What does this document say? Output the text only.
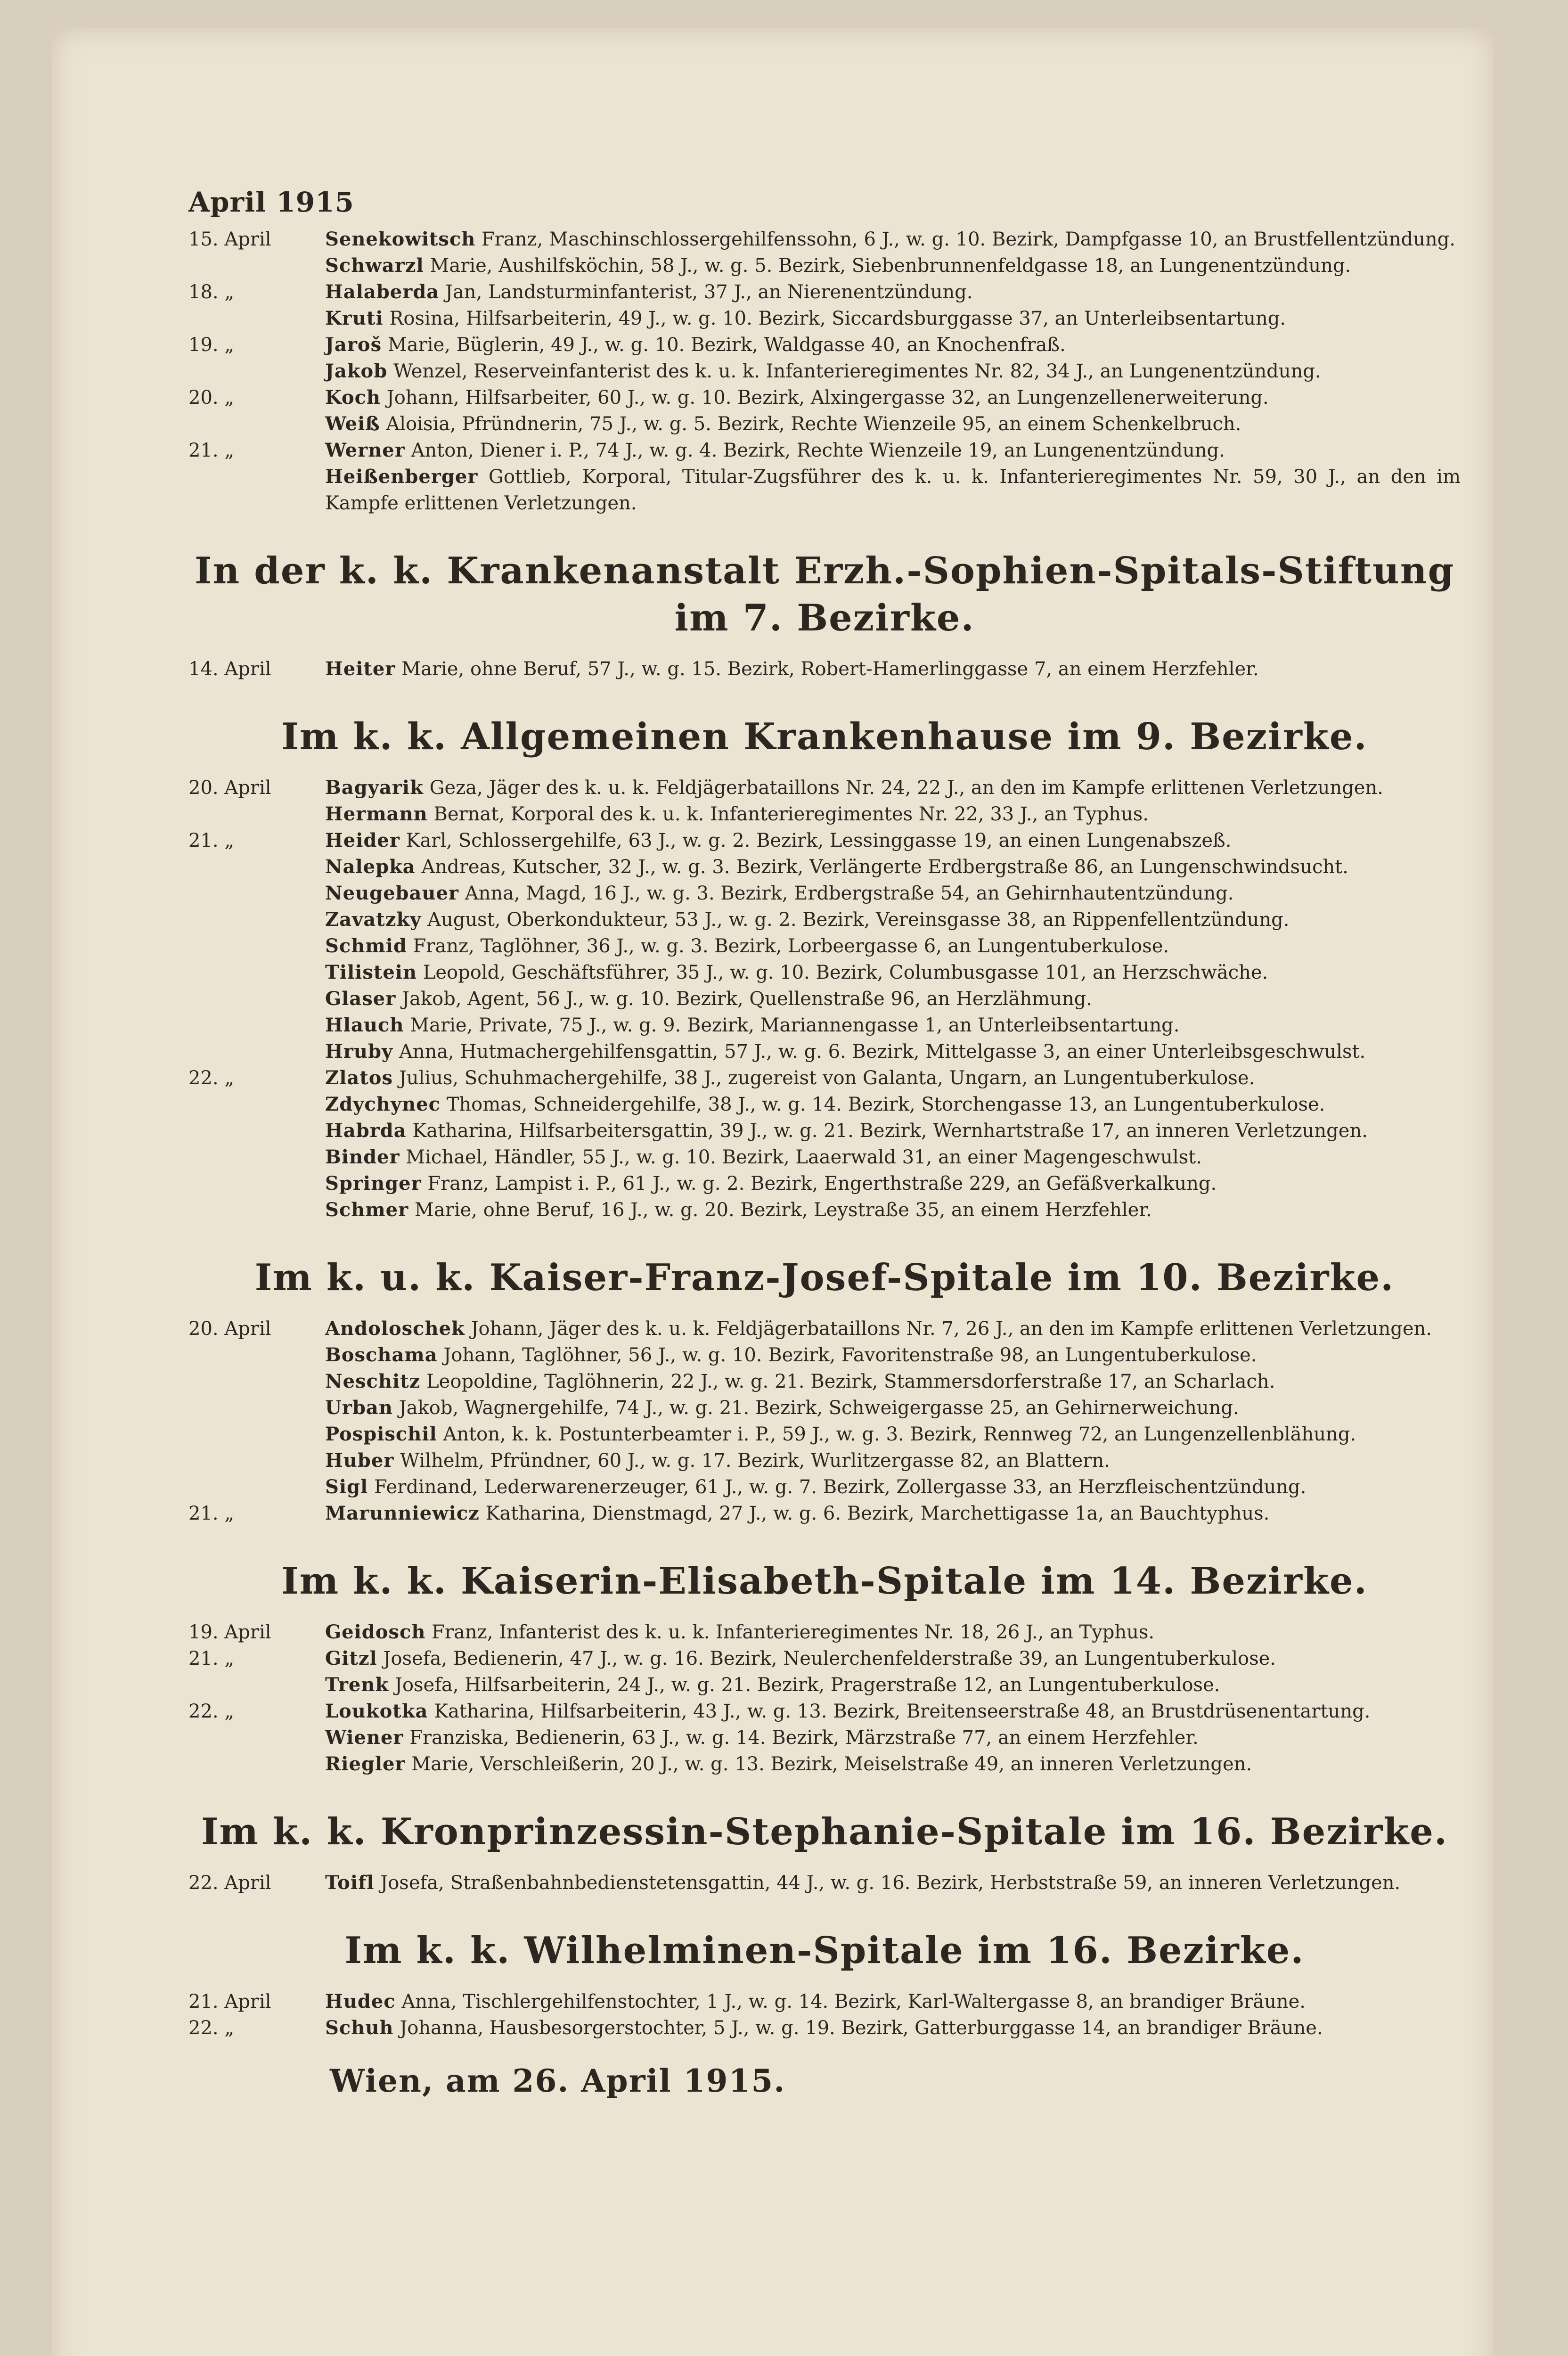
April 1915
15. April	Senekowitsch Franz, Maschinschlossergehilfenssohn, 6 J., w. g. 10. Bezirk, Dampfgasse 10, an Brustfellentzündung.
Schwarzl Marie, Aushilfsköchin, 58 J., w. g. 5. Bezirk, Siebenbrunnenfeldgasse 18, an Lungenentzündung.
18. „	Halaberda Jan, Landsturminfanterist, 37 J., an Nierenentzündung.
Kruti Rosina, Hilfsarbeiterin, 49 J., w. g. 10. Bezirk, Siccardsburggasse 37, an Unterleibsentartung.
19. „	Jaroš Marie, Büglerin, 49 J., w. g. 10. Bezirk, Waldgasse 40, an Knochenfraß.
Jakob Wenzel, Reserveinfanterist des k. u. k. Infanterieregimentes Nr. 82, 34 J., an Lungenentzündung.
20. „	Koch Johann, Hilfsarbeiter, 60 J., w. g. 10. Bezirk, Alxingergasse 32, an Lungenzellenerweiterung.
Weiß Aloisia, Pfründnerin, 75 J., w. g. 5. Bezirk, Rechte Wienzeile 95, an einem Schenkelbruch.
21. „	Werner Anton, Diener i. P., 74 J., w. g. 4. Bezirk, Rechte Wienzeile 19, an Lungenentzündung.
Heißenberger Gottlieb, Korporal, Titular-Zugsführer des k. u. k. Infanterieregimentes Nr. 59, 30 J., an den im Kampfe erlittenen Verletzungen.
In der k. k. Krankenanstalt Erzh.-Sophien-Spitals-Stiftung im 7. Bezirke.
14. April	Heiter Marie, ohne Beruf, 57 J., w. g. 15. Bezirk, Robert-Hamerlinggasse 7, an einem Herzfehler.
Im k. k. Allgemeinen Krankenhause im 9. Bezirke.
20. April	Bagyarik Geza, Jäger des k. u. k. Feldjägerbataillons Nr. 24, 22 J., an den im Kampfe erlittenen Verletzungen.
Hermann Bernat, Korporal des k. u. k. Infanterieregimentes Nr. 22, 33 J., an Typhus.
21. „	Heider Karl, Schlossergehilfe, 63 J., w. g. 2. Bezirk, Lessinggasse 19, an einen Lungenabszeß.
Nalepka Andreas, Kutscher, 32 J., w. g. 3. Bezirk, Verlängerte Erdbergstraße 86, an Lungenschwindsucht.
Neugebauer Anna, Magd, 16 J., w. g. 3. Bezirk, Erdbergstraße 54, an Gehirnhautentzündung.
Zavatzky August, Oberkondukteur, 53 J., w. g. 2. Bezirk, Vereinsgasse 38, an Rippenfellentzündung.
Schmid Franz, Taglöhner, 36 J., w. g. 3. Bezirk, Lorbeergasse 6, an Lungentuberkulose.
Tilistein Leopold, Geschäftsführer, 35 J., w. g. 10. Bezirk, Columbusgasse 101, an Herzschwäche.
Glaser Jakob, Agent, 56 J., w. g. 10. Bezirk, Quellenstraße 96, an Herzlähmung.
Hlauch Marie, Private, 75 J., w. g. 9. Bezirk, Mariannengasse 1, an Unterleibsentartung.
Hruby Anna, Hutmachergehilfensgattin, 57 J., w. g. 6. Bezirk, Mittelgasse 3, an einer Unterleibsgeschwulst.
22. „	Zlatos Julius, Schuhmachergehilfe, 38 J., zugereist von Galanta, Ungarn, an Lungentuberkulose.
Zdychynec Thomas, Schneidergehilfe, 38 J., w. g. 14. Bezirk, Storchengasse 13, an Lungentuberkulose.
Habrda Katharina, Hilfsarbeitersgattin, 39 J., w. g. 21. Bezirk, Wernhartstraße 17, an inneren Verletzungen.
Binder Michael, Händler, 55 J., w. g. 10. Bezirk, Laaerwald 31, an einer Magengeschwulst.
Springer Franz, Lampist i. P., 61 J., w. g. 2. Bezirk, Engerthstraße 229, an Gefäßverkalkung.
Schmer Marie, ohne Beruf, 16 J., w. g. 20. Bezirk, Leystraße 35, an einem Herzfehler.
Im k. u. k. Kaiser-Franz-Josef-Spitale im 10. Bezirke.
20. April	Andoloschek Johann, Jäger des k. u. k. Feldjägerbataillons Nr. 7, 26 J., an den im Kampfe erlittenen Verletzungen.
Boschama Johann, Taglöhner, 56 J., w. g. 10. Bezirk, Favoritenstraße 98, an Lungentuberkulose.
Neschitz Leopoldine, Taglöhnerin, 22 J., w. g. 21. Bezirk, Stammersdorferstraße 17, an Scharlach.
Urban Jakob, Wagnergehilfe, 74 J., w. g. 21. Bezirk, Schweigergasse 25, an Gehirnerweichung.
Pospischil Anton, k. k. Postunterbeamter i. P., 59 J., w. g. 3. Bezirk, Rennweg 72, an Lungenzellenblähung.
Huber Wilhelm, Pfründner, 60 J., w. g. 17. Bezirk, Wurlitzergasse 82, an Blattern.
Sigl Ferdinand, Lederwarenerzeuger, 61 J., w. g. 7. Bezirk, Zollergasse 33, an Herzfleischentzündung.
21. „	Marunniewicz Katharina, Dienstmagd, 27 J., w. g. 6. Bezirk, Marchettigasse 1a, an Bauchtyphus.
Im k. k. Kaiserin-Elisabeth-Spitale im 14. Bezirke.
19. April	Geidosch Franz, Infanterist des k. u. k. Infanterieregimentes Nr. 18, 26 J., an Typhus.
21. „	Gitzl Josefa, Bedienerin, 47 J., w. g. 16. Bezirk, Neulerchenfelderstraße 39, an Lungentuberkulose.
Trenk Josefa, Hilfsarbeiterin, 24 J., w. g. 21. Bezirk, Pragerstraße 12, an Lungentuberkulose.
22. „	Loukotka Katharina, Hilfsarbeiterin, 43 J., w. g. 13. Bezirk, Breitenseerstraße 48, an Brustdrüsenentartung.
Wiener Franziska, Bedienerin, 63 J., w. g. 14. Bezirk, Märzstraße 77, an einem Herzfehler.
Riegler Marie, Verschleißerin, 20 J., w. g. 13. Bezirk, Meiselstraße 49, an inneren Verletzungen.
Im k. k. Kronprinzessin-Stephanie-Spitale im 16. Bezirke.
22. April	Toifl Josefa, Straßenbahnbedienstetensgattin, 44 J., w. g. 16. Bezirk, Herbststraße 59, an inneren Verletzungen.
Im k. k. Wilhelminen-Spitale im 16. Bezirke.
21. April	Hudec Anna, Tischlergehilfenstochter, 1 J., w. g. 14. Bezirk, Karl-Waltergasse 8, an brandiger Bräune.
22. „	Schuh Johanna, Hausbesorgerstochter, 5 J., w. g. 19. Bezirk, Gatterburggasse 14, an brandiger Bräune.
Wien, am 26. April 1915.
